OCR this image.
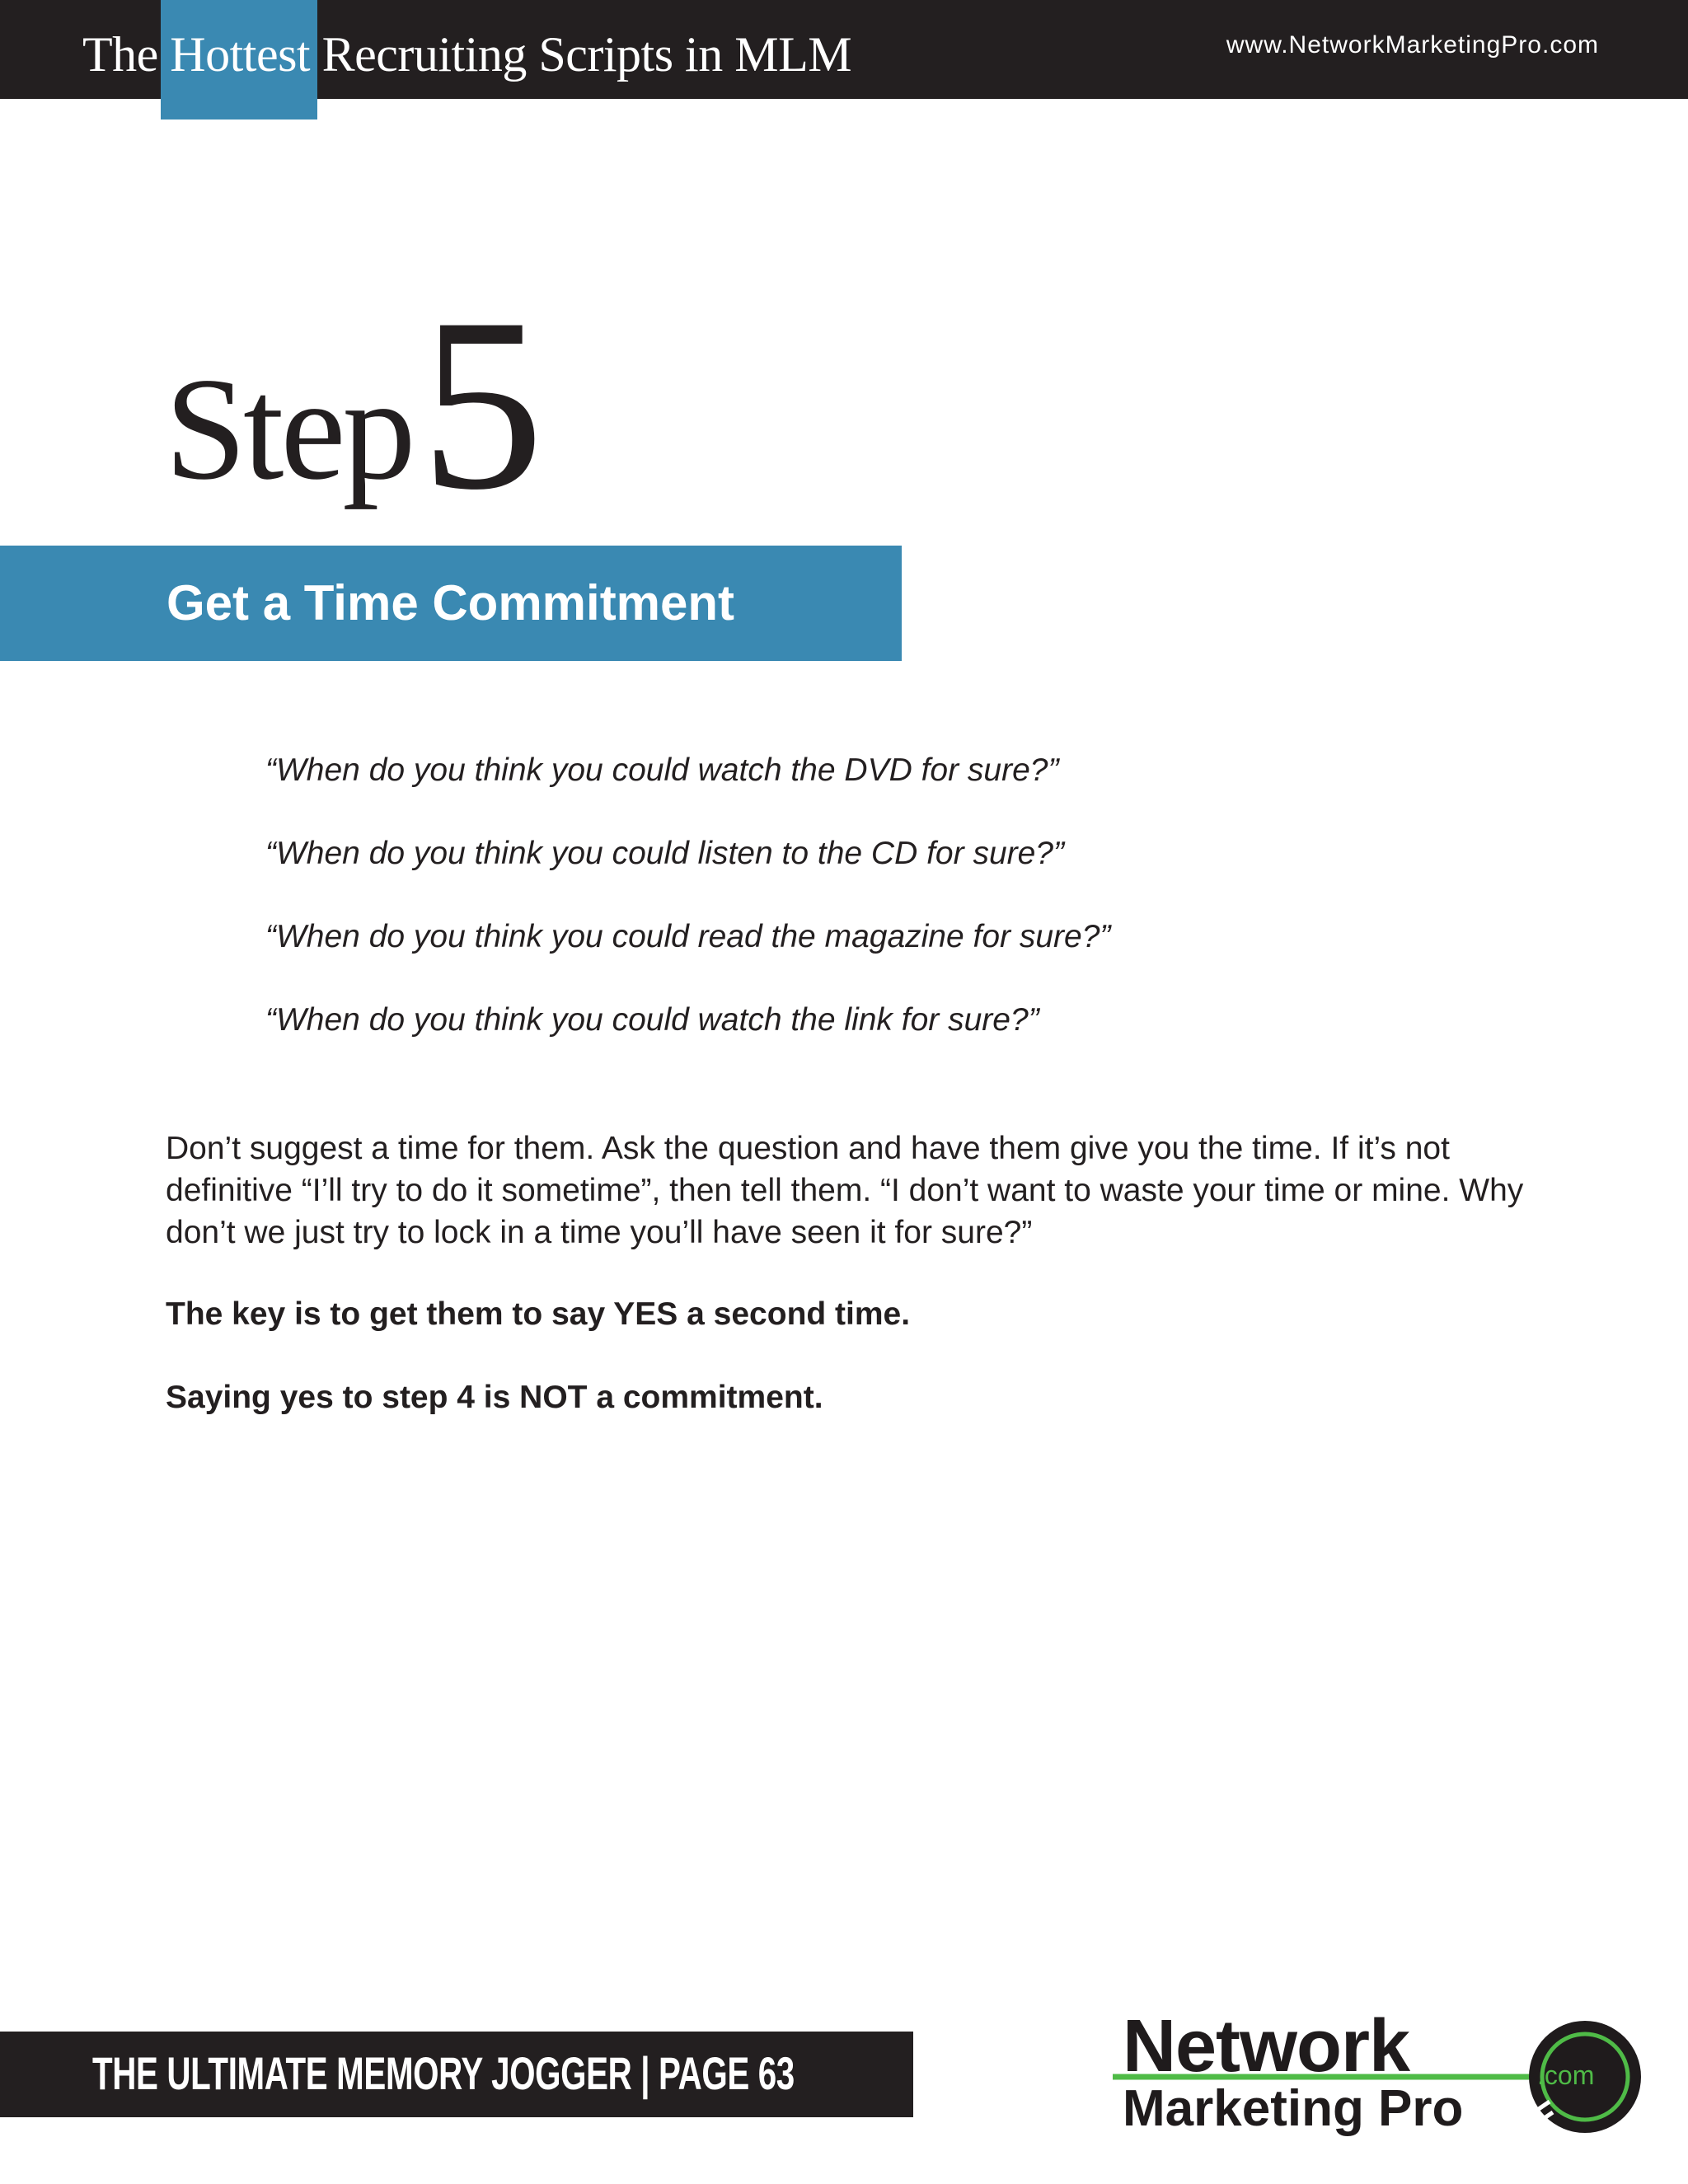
The Hottest Recruiting Scripts in MLM	www.NetworkMarketingPro.com
Step 5
Get a Time Commitment
“When do you think you could watch the DVD for sure?”
“When do you think you could listen to the CD for sure?”
“When do you think you could read the magazine for sure?”
“When do you think you could watch the link for sure?”

Don’t suggest a time for them. Ask the question and have them give you the time. If it’s not definitive “I’ll try to do it sometime”, then tell them. “I don’t want to waste your time or mine. Why don’t we just try to lock in a time you’ll have seen it for sure?”

The key is to get them to say YES a second time.

Saying yes to step 4 is NOT a commitment.

THE ULTIMATE MEMORY JOGGER | PAGE 63	Network
Marketing Pro
.com
